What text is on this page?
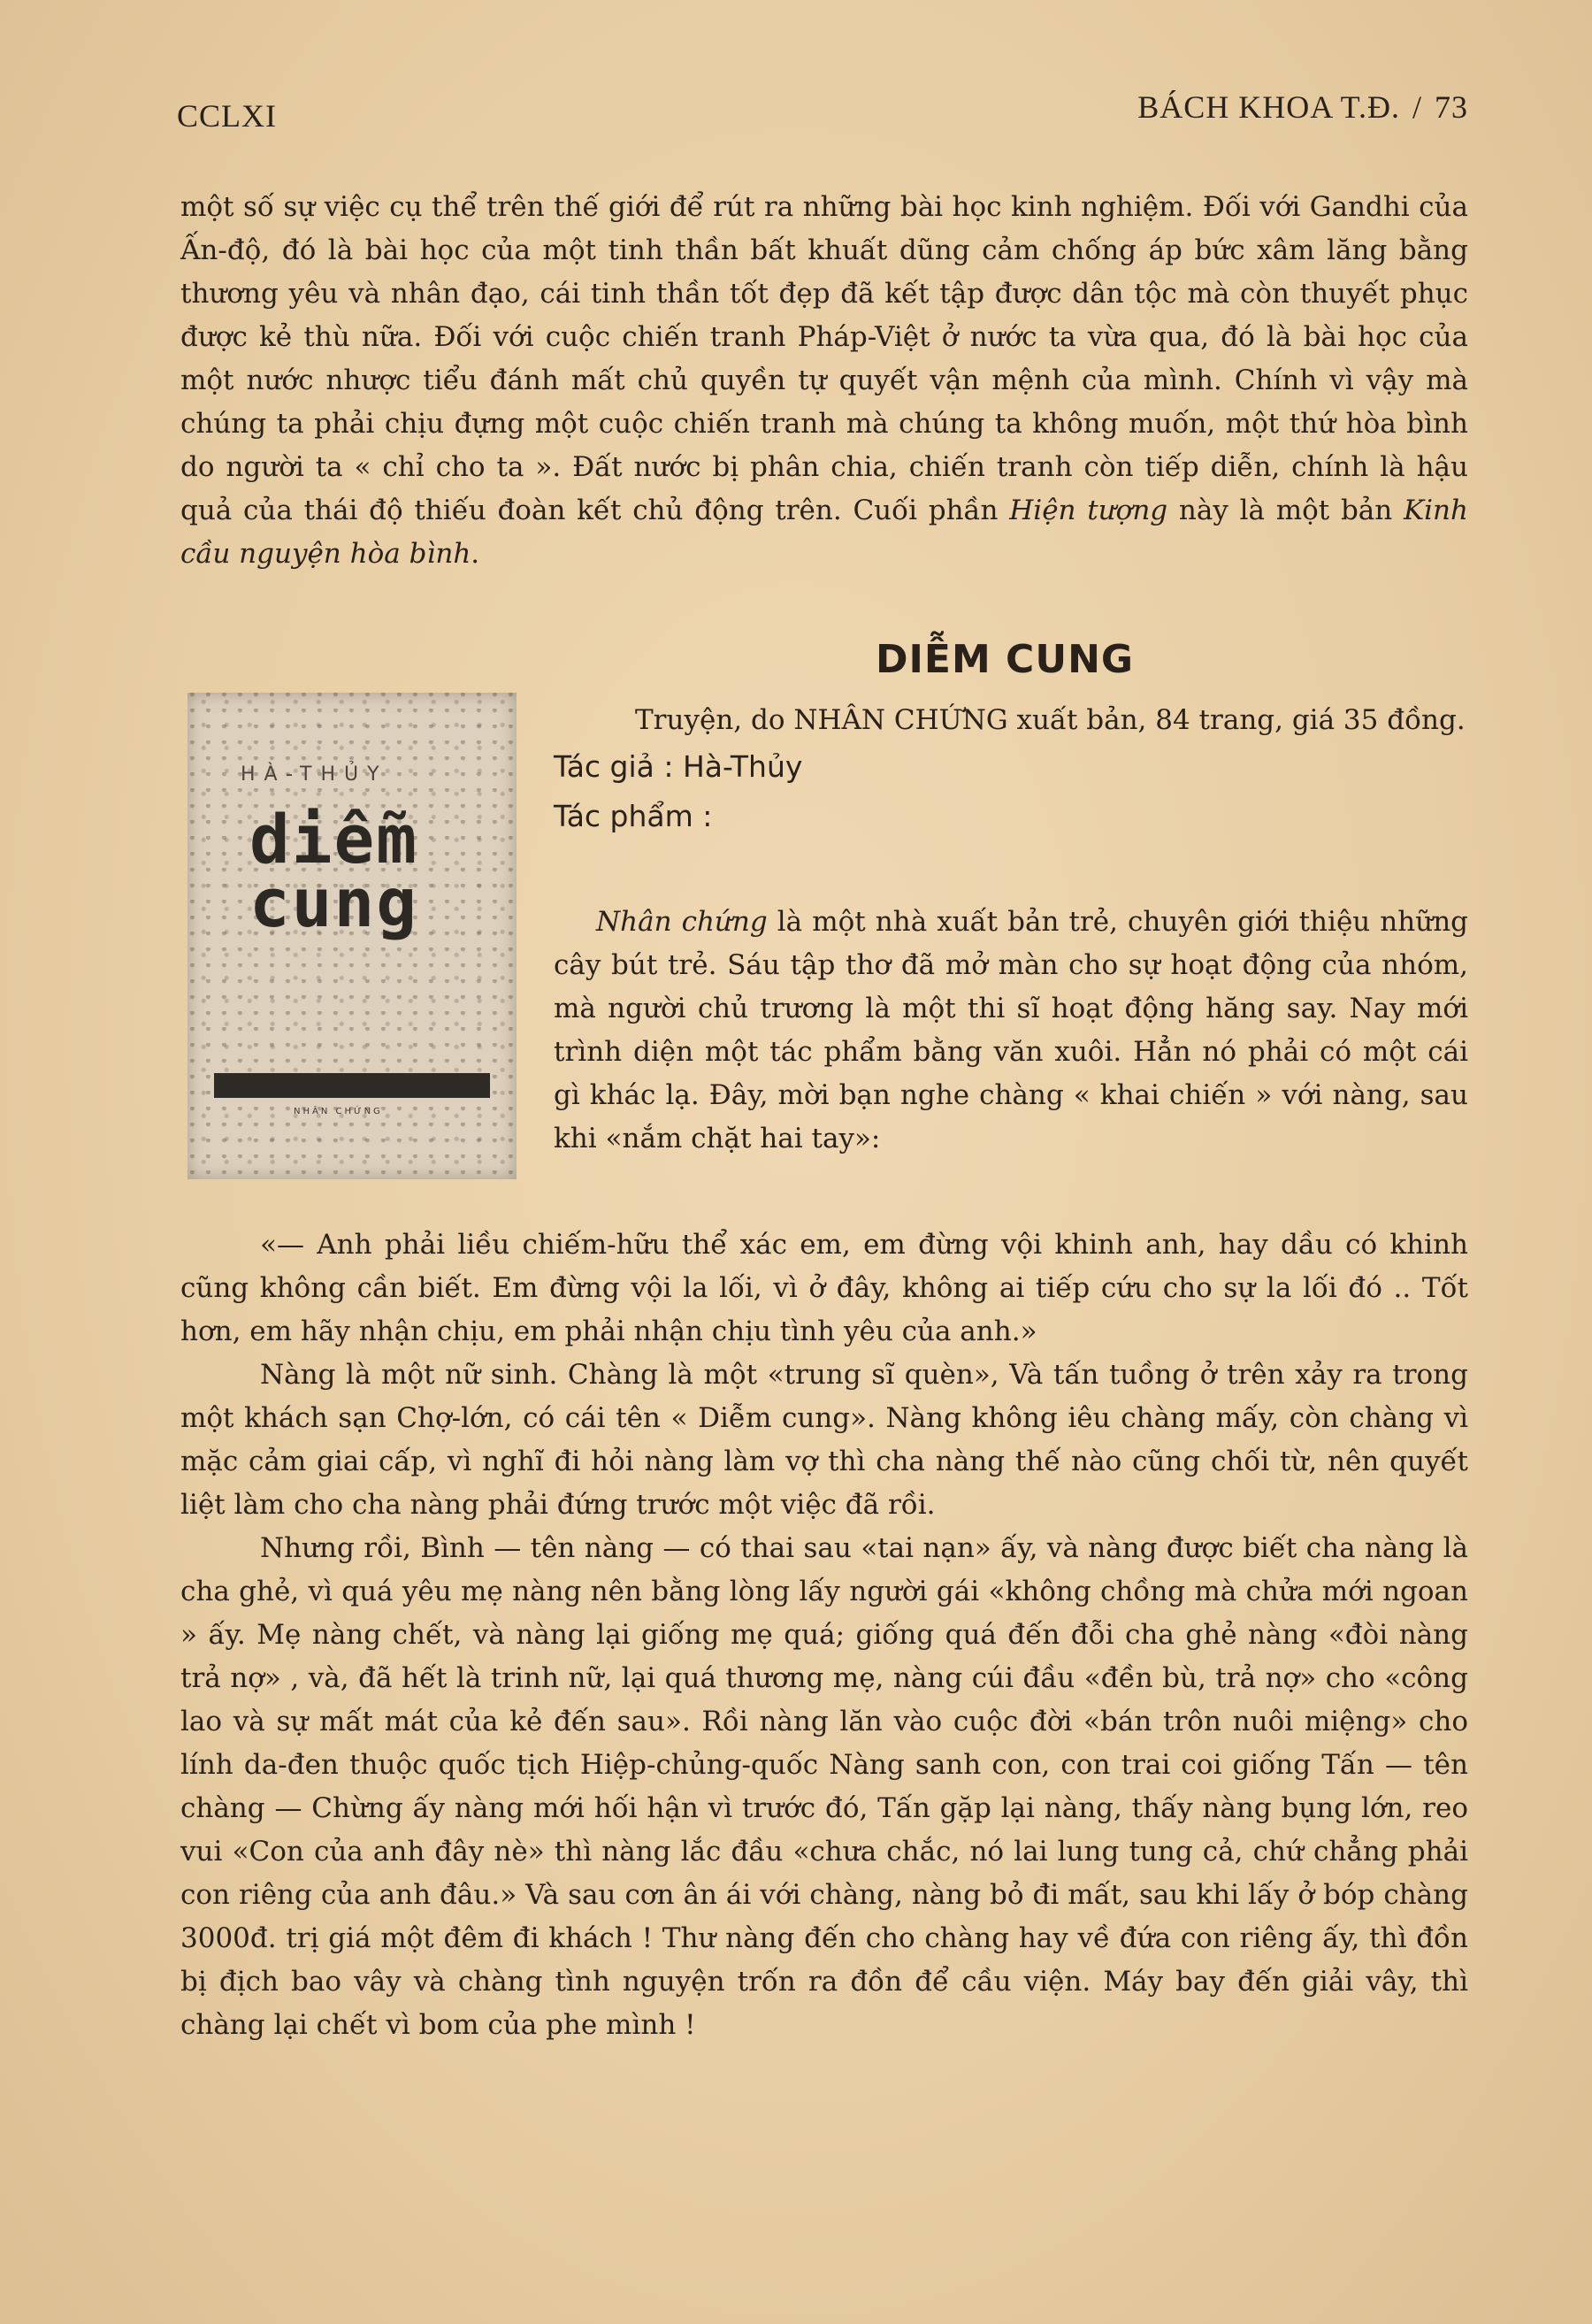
CCLXI	BÁCH KHOA T.Đ. / 73

một số sự việc cụ thể trên thế giới để rút ra những bài học kinh nghiệm. Đối với Gandhi của Ấn-độ, đó là bài học của một tinh thần bất khuất dũng cảm chống áp bức xâm lăng bằng thương yêu và nhân đạo, cái tinh thần tốt đẹp đã kết tập được dân tộc mà còn thuyết phục được kẻ thù nữa. Đối với cuộc chiến tranh Pháp-Việt ở nước ta vừa qua, đó là bài học của một nước nhược tiểu đánh mất chủ quyền tự quyết vận mệnh của mình. Chính vì vậy mà chúng ta phải chịu đựng một cuộc chiến tranh mà chúng ta không muốn, một thứ hòa bình do người ta « chỉ cho ta ». Đất nước bị phân chia, chiến tranh còn tiếp diễn, chính là hậu quả của thái độ thiếu đoàn kết chủ động trên. Cuối phần Hiện tượng này là một bản Kinh cầu nguyện hòa bình.

DIỄM CUNG
HÀ-THỦY
diễm
cung
NHÂN CHỨNG

Truyện, do NHÂN CHỨNG xuất bản, 84 trang, giá 35 đồng.

Tác giả : Hà-Thủy

Tác phẩm :

Nhân chứng là một nhà xuất bản trẻ, chuyên giới thiệu những cây bút trẻ. Sáu tập thơ đã mở màn cho sự hoạt động của nhóm, mà người chủ trương là một thi sĩ hoạt động hăng say. Nay mới trình diện một tác phẩm bằng văn xuôi. Hẳn nó phải có một cái gì khác lạ. Đây, mời bạn nghe chàng « khai chiến » với nàng, sau khi «nắm chặt hai tay»:

«— Anh phải liều chiếm-hữu thể xác em, em đừng vội khinh anh, hay dầu có khinh cũng không cần biết. Em đừng vội la lối, vì ở đây, không ai tiếp cứu cho sự la lối đó .. Tốt hơn, em hãy nhận chịu, em phải nhận chịu tình yêu của anh.»

Nàng là một nữ sinh. Chàng là một «trung sĩ quèn», Và tấn tuồng ở trên xảy ra trong một khách sạn Chợ-lớn, có cái tên « Diễm cung». Nàng không iêu chàng mấy, còn chàng vì mặc cảm giai cấp, vì nghĩ đi hỏi nàng làm vợ thì cha nàng thế nào cũng chối từ, nên quyết liệt làm cho cha nàng phải đứng trước một việc đã rồi.

Nhưng rồi, Bình — tên nàng — có thai sau «tai nạn» ấy, và nàng được biết cha nàng là cha ghẻ, vì quá yêu mẹ nàng nên bằng lòng lấy người gái «không chồng mà chửa mới ngoan » ấy. Mẹ nàng chết, và nàng lại giống mẹ quá; giống quá đến đỗi cha ghẻ nàng «đòi nàng trả nợ» , và, đã hết là trinh nữ, lại quá thương mẹ, nàng cúi đầu «đền bù, trả nợ» cho «công lao và sự mất mát của kẻ đến sau». Rồi nàng lăn vào cuộc đời «bán trôn nuôi miệng» cho lính da-đen thuộc quốc tịch Hiệp-chủng-quốc Nàng sanh con, con trai coi giống Tấn — tên chàng — Chừng ấy nàng mới hối hận vì trước đó, Tấn gặp lại nàng, thấy nàng bụng lớn, reo vui «Con của anh đây nè» thì nàng lắc đầu «chưa chắc, nó lai lung tung cả, chứ chẳng phải con riêng của anh đâu.» Và sau cơn ân ái với chàng, nàng bỏ đi mất, sau khi lấy ở bóp chàng 3000đ. trị giá một đêm đi khách ! Thư nàng đến cho chàng hay về đứa con riêng ấy, thì đồn bị địch bao vây và chàng tình nguyện trốn ra đồn để cầu viện. Máy bay đến giải vây, thì chàng lại chết vì bom của phe mình !
